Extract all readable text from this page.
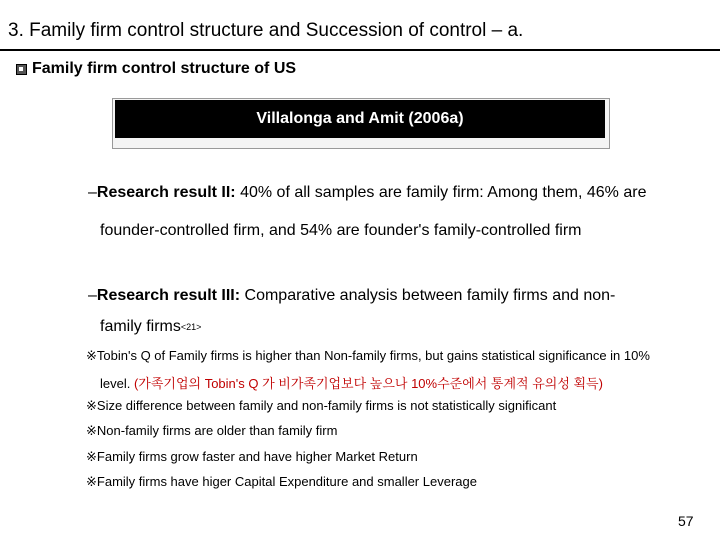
3. Family firm control structure and Succession of control – a.
Family firm control structure of US
Villalonga and Amit (2006a)
–Research result II: 40% of all samples are family firm: Among them, 46% are
founder-controlled firm, and 54% are founder's family-controlled firm
–Research result III: Comparative analysis between family firms and non-
family firms<21>
※Tobin's Q of Family firms is higher than Non-family firms, but gains statistical significance in 10%
level. (가족기업의 Tobin's Q 가 비가족기업보다 높으나 10%수준에서 통계적 유의성 획득)
※Size difference between family and non-family firms is not statistically significant
※Non-family firms are older than family firm
※Family firms grow faster and have higher Market Return
※Family firms have higer Capital Expenditure and smaller Leverage
57
